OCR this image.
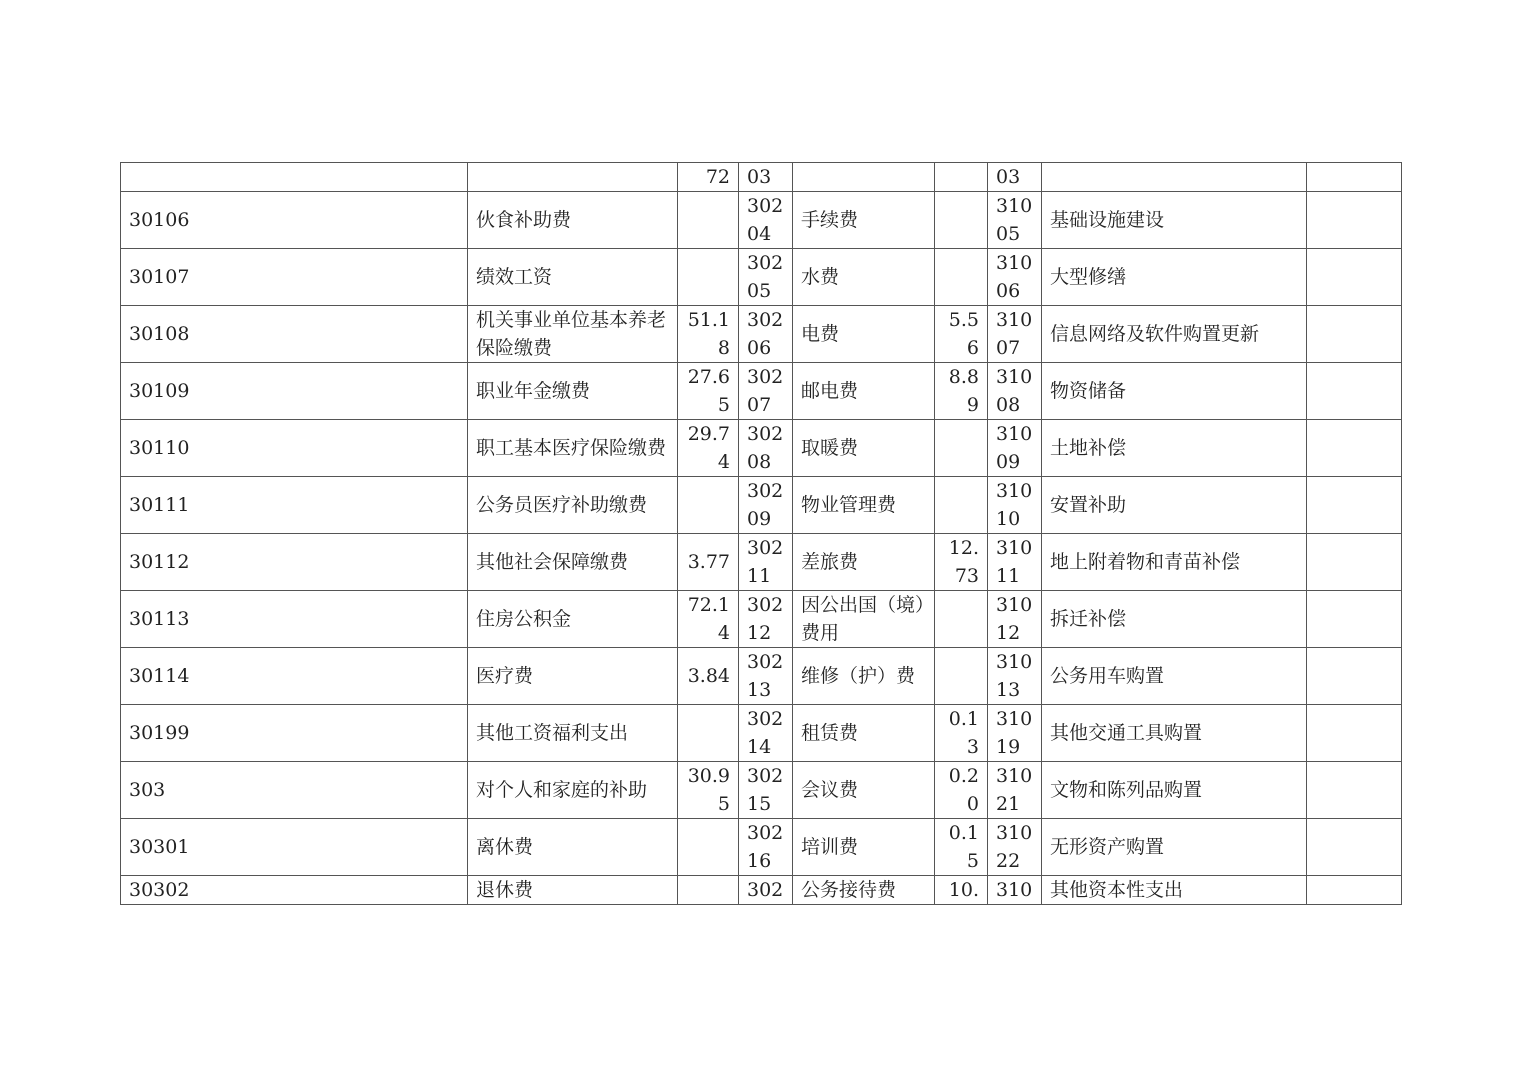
		72	03			03		
30106	伙食补助费		30204	手续费		31005	基础设施建设	
30107	绩效工资		30205	水费		31006	大型修缮	
30108	机关事业单位基本养老保险缴费	51.18	30206	电费	5.56	31007	信息网络及软件购置更新	
30109	职业年金缴费	27.65	30207	邮电费	8.89	31008	物资储备	
30110	职工基本医疗保险缴费	29.74	30208	取暖费		31009	土地补偿	
30111	公务员医疗补助缴费		30209	物业管理费		31010	安置补助	
30112	其他社会保障缴费	3.77	30211	差旅费	12.73	31011	地上附着物和青苗补偿	
30113	住房公积金	72.14	30212	因公出国（境）费用		31012	拆迁补偿	
30114	医疗费	3.84	30213	维修（护）费		31013	公务用车购置	
30199	其他工资福利支出		30214	租赁费	0.13	31019	其他交通工具购置	
303	对个人和家庭的补助	30.95	30215	会议费	0.20	31021	文物和陈列品购置	
30301	离休费		30216	培训费	0.15	31022	无形资产购置	
30302	退休费		302	公务接待费	10.	310	其他资本性支出	
